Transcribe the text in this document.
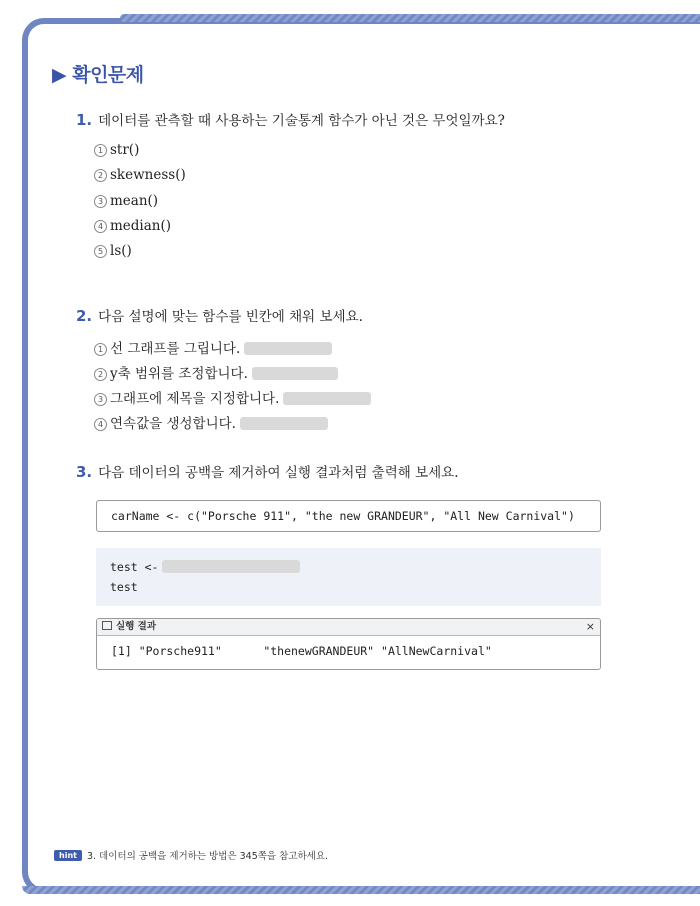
▶ 확인문제
1. 데이터를 관측할 때 사용하는 기술통계 함수가 아닌 것은 무엇일까요?
1 str()
2 skewness()
3 mean()
4 median()
5 ls()
2. 다음 설명에 맞는 함수를 빈칸에 채워 보세요.
1 선 그래프를 그립니다.
2 y축 범위를 조정합니다.
3 그래프에 제목을 지정합니다.
4 연속값을 생성합니다.
3. 다음 데이터의 공백을 제거하여 실행 결과처럼 출력해 보세요.
carName <- c("Porsche 911", "the new GRANDEUR", "All New Carnival")
test <-
test
실행 결과	×
[1] "Porsche911"      "thenewGRANDEUR" "AllNewCarnival"
hint 3. 데이터의 공백을 제거하는 방법은 345쪽을 참고하세요.
